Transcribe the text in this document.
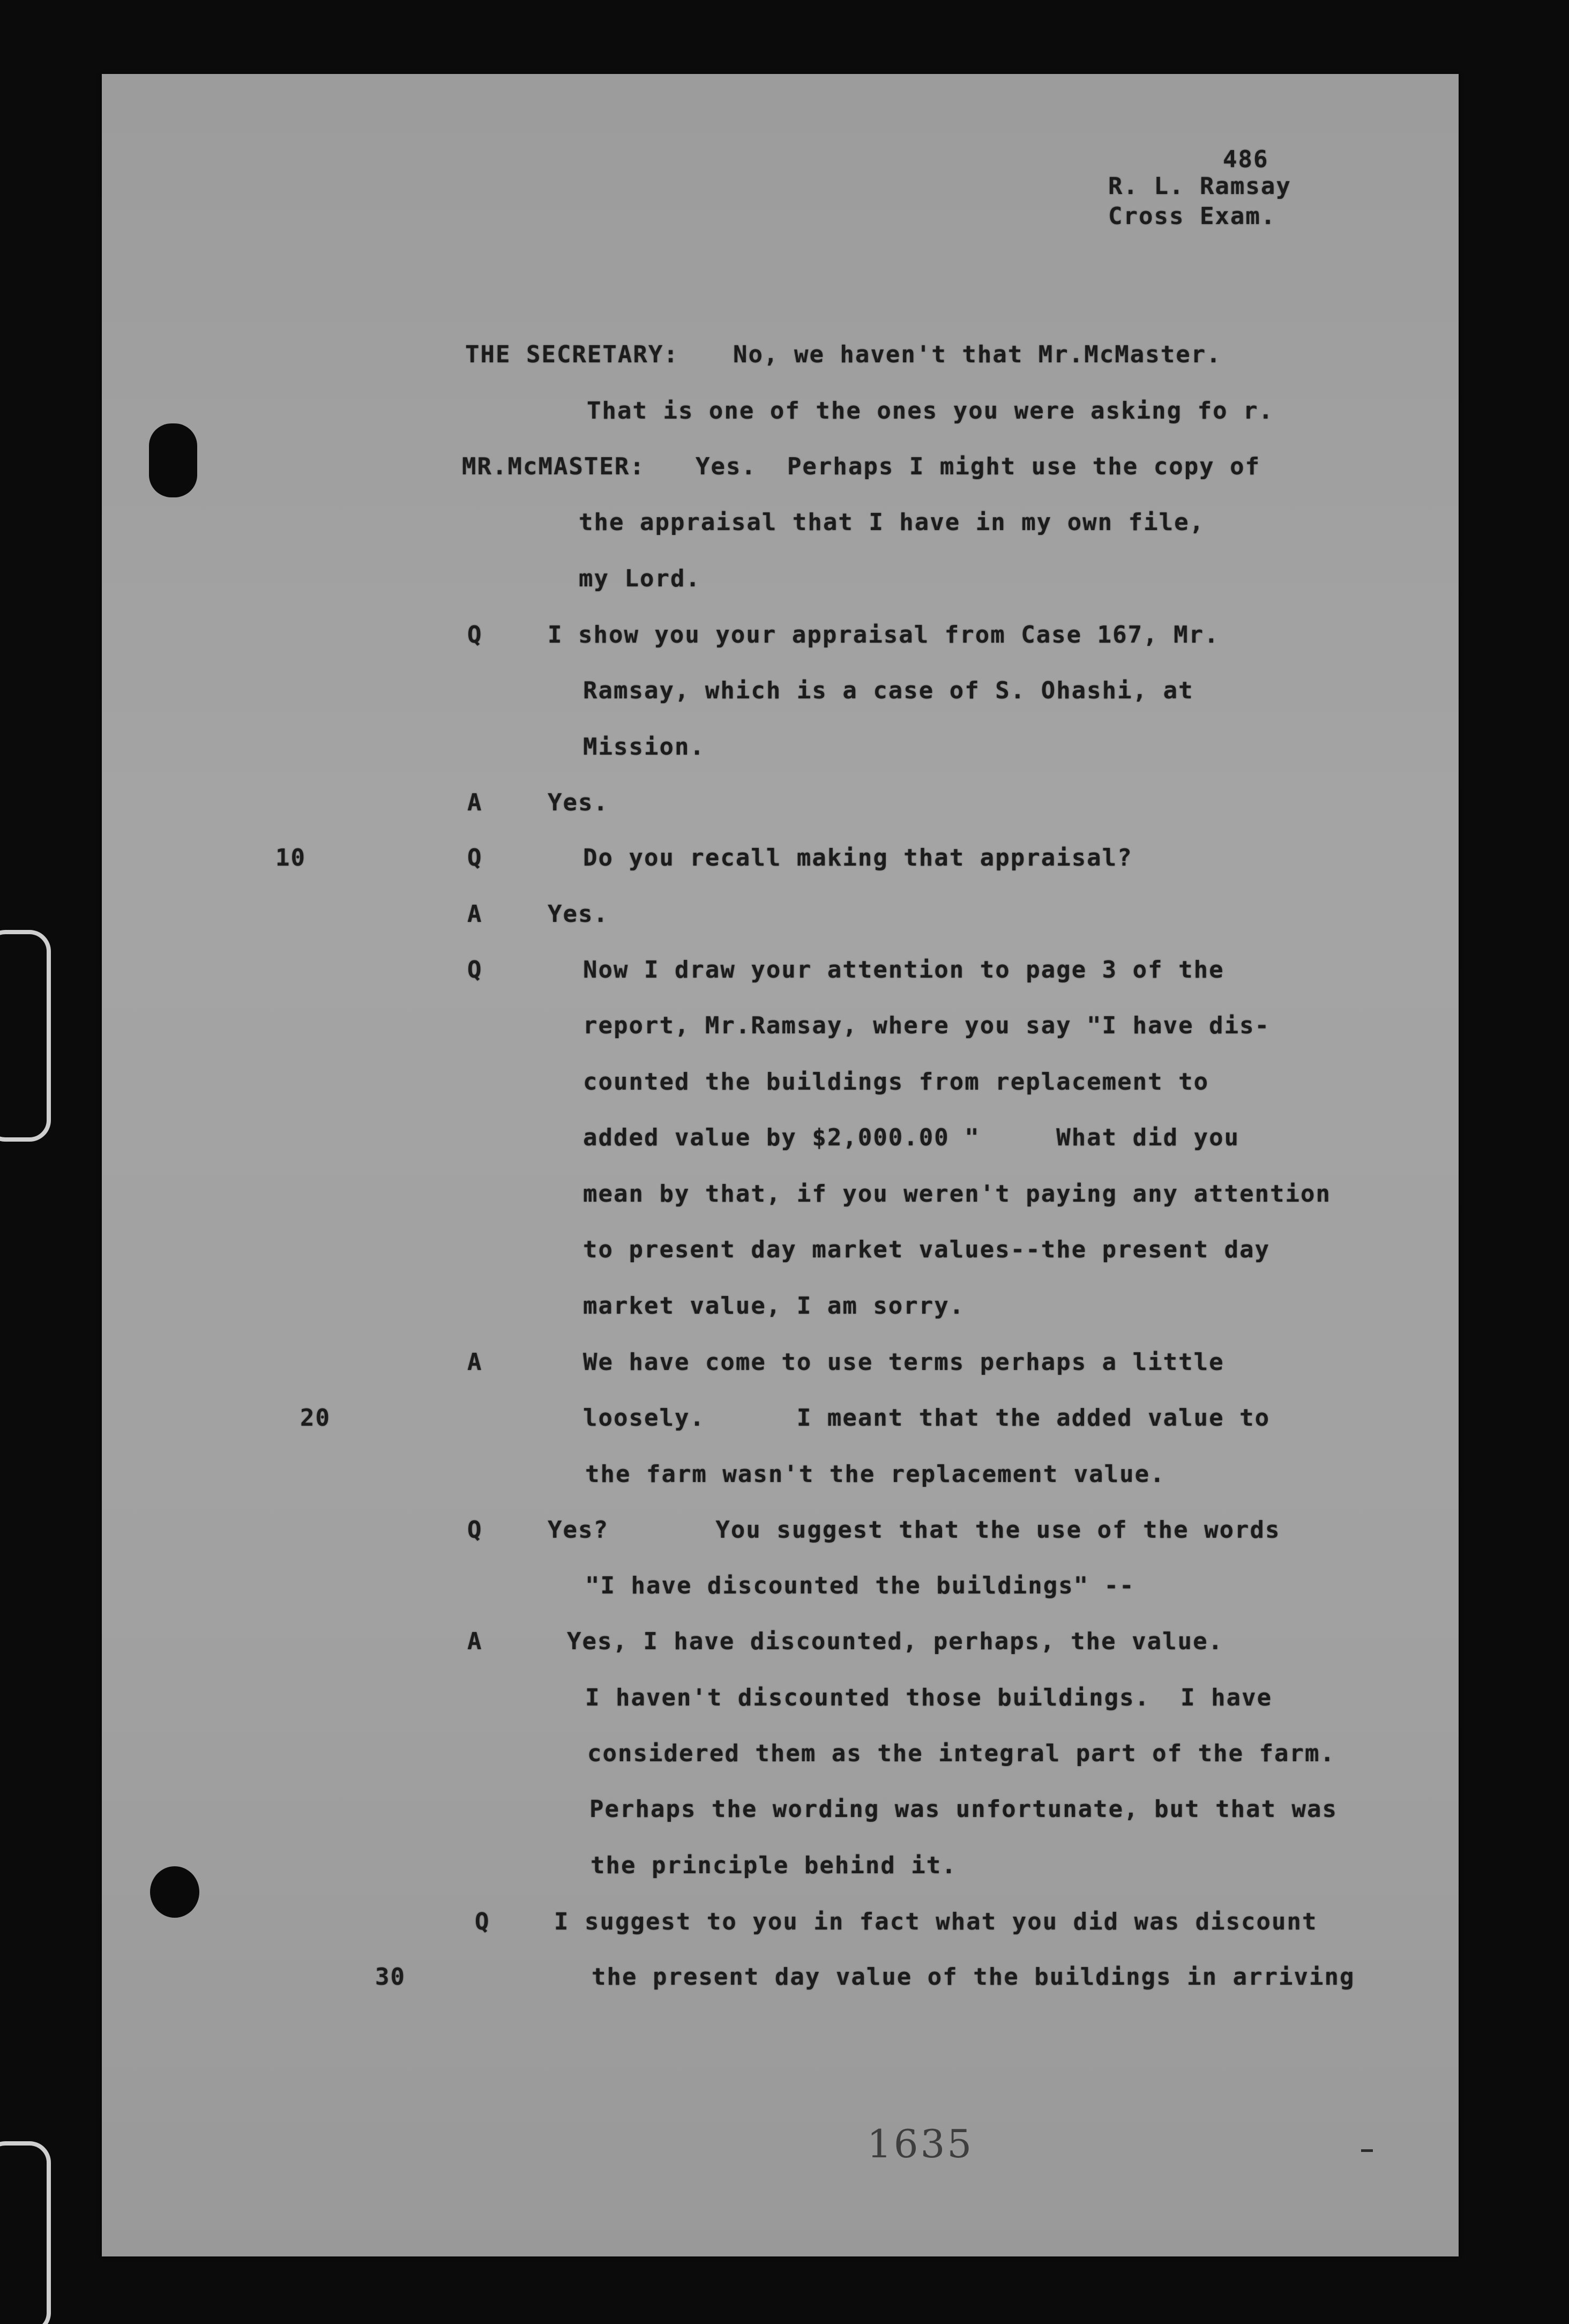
486

R. L. Ramsay

Cross Exam.

THE SECRETARY: No, we haven't that Mr.McMaster.

That is one of the ones you were asking fo r.

MR.McMASTER: Yes.  Perhaps I might use the copy of

the appraisal that I have in my own file,

my Lord.

Q	I show you your appraisal from Case 167, Mr.

Ramsay, which is a case of S. Ohashi, at

Mission.

A	Yes.

10	Q	Do you recall making that appraisal?

A	Yes.

Q	Now I draw your attention to page 3 of the

report, Mr.Ramsay, where you say "I have dis-

counted the buildings from replacement to

added value by $2,000.00 "     What did you

mean by that, if you weren't paying any attention

to present day market values--the present day

market value, I am sorry.

A	We have come to use terms perhaps a little

20	loosely.      I meant that the added value to

the farm wasn't the replacement value.

Q	Yes?       You suggest that the use of the words

"I have discounted the buildings" --

A	Yes, I have discounted, perhaps, the value.

I haven't discounted those buildings.  I have

considered them as the integral part of the farm.

Perhaps the wording was unfortunate, but that was

the principle behind it.

Q	I suggest to you in fact what you did was discount

30	the present day value of the buildings in arriving

1635
